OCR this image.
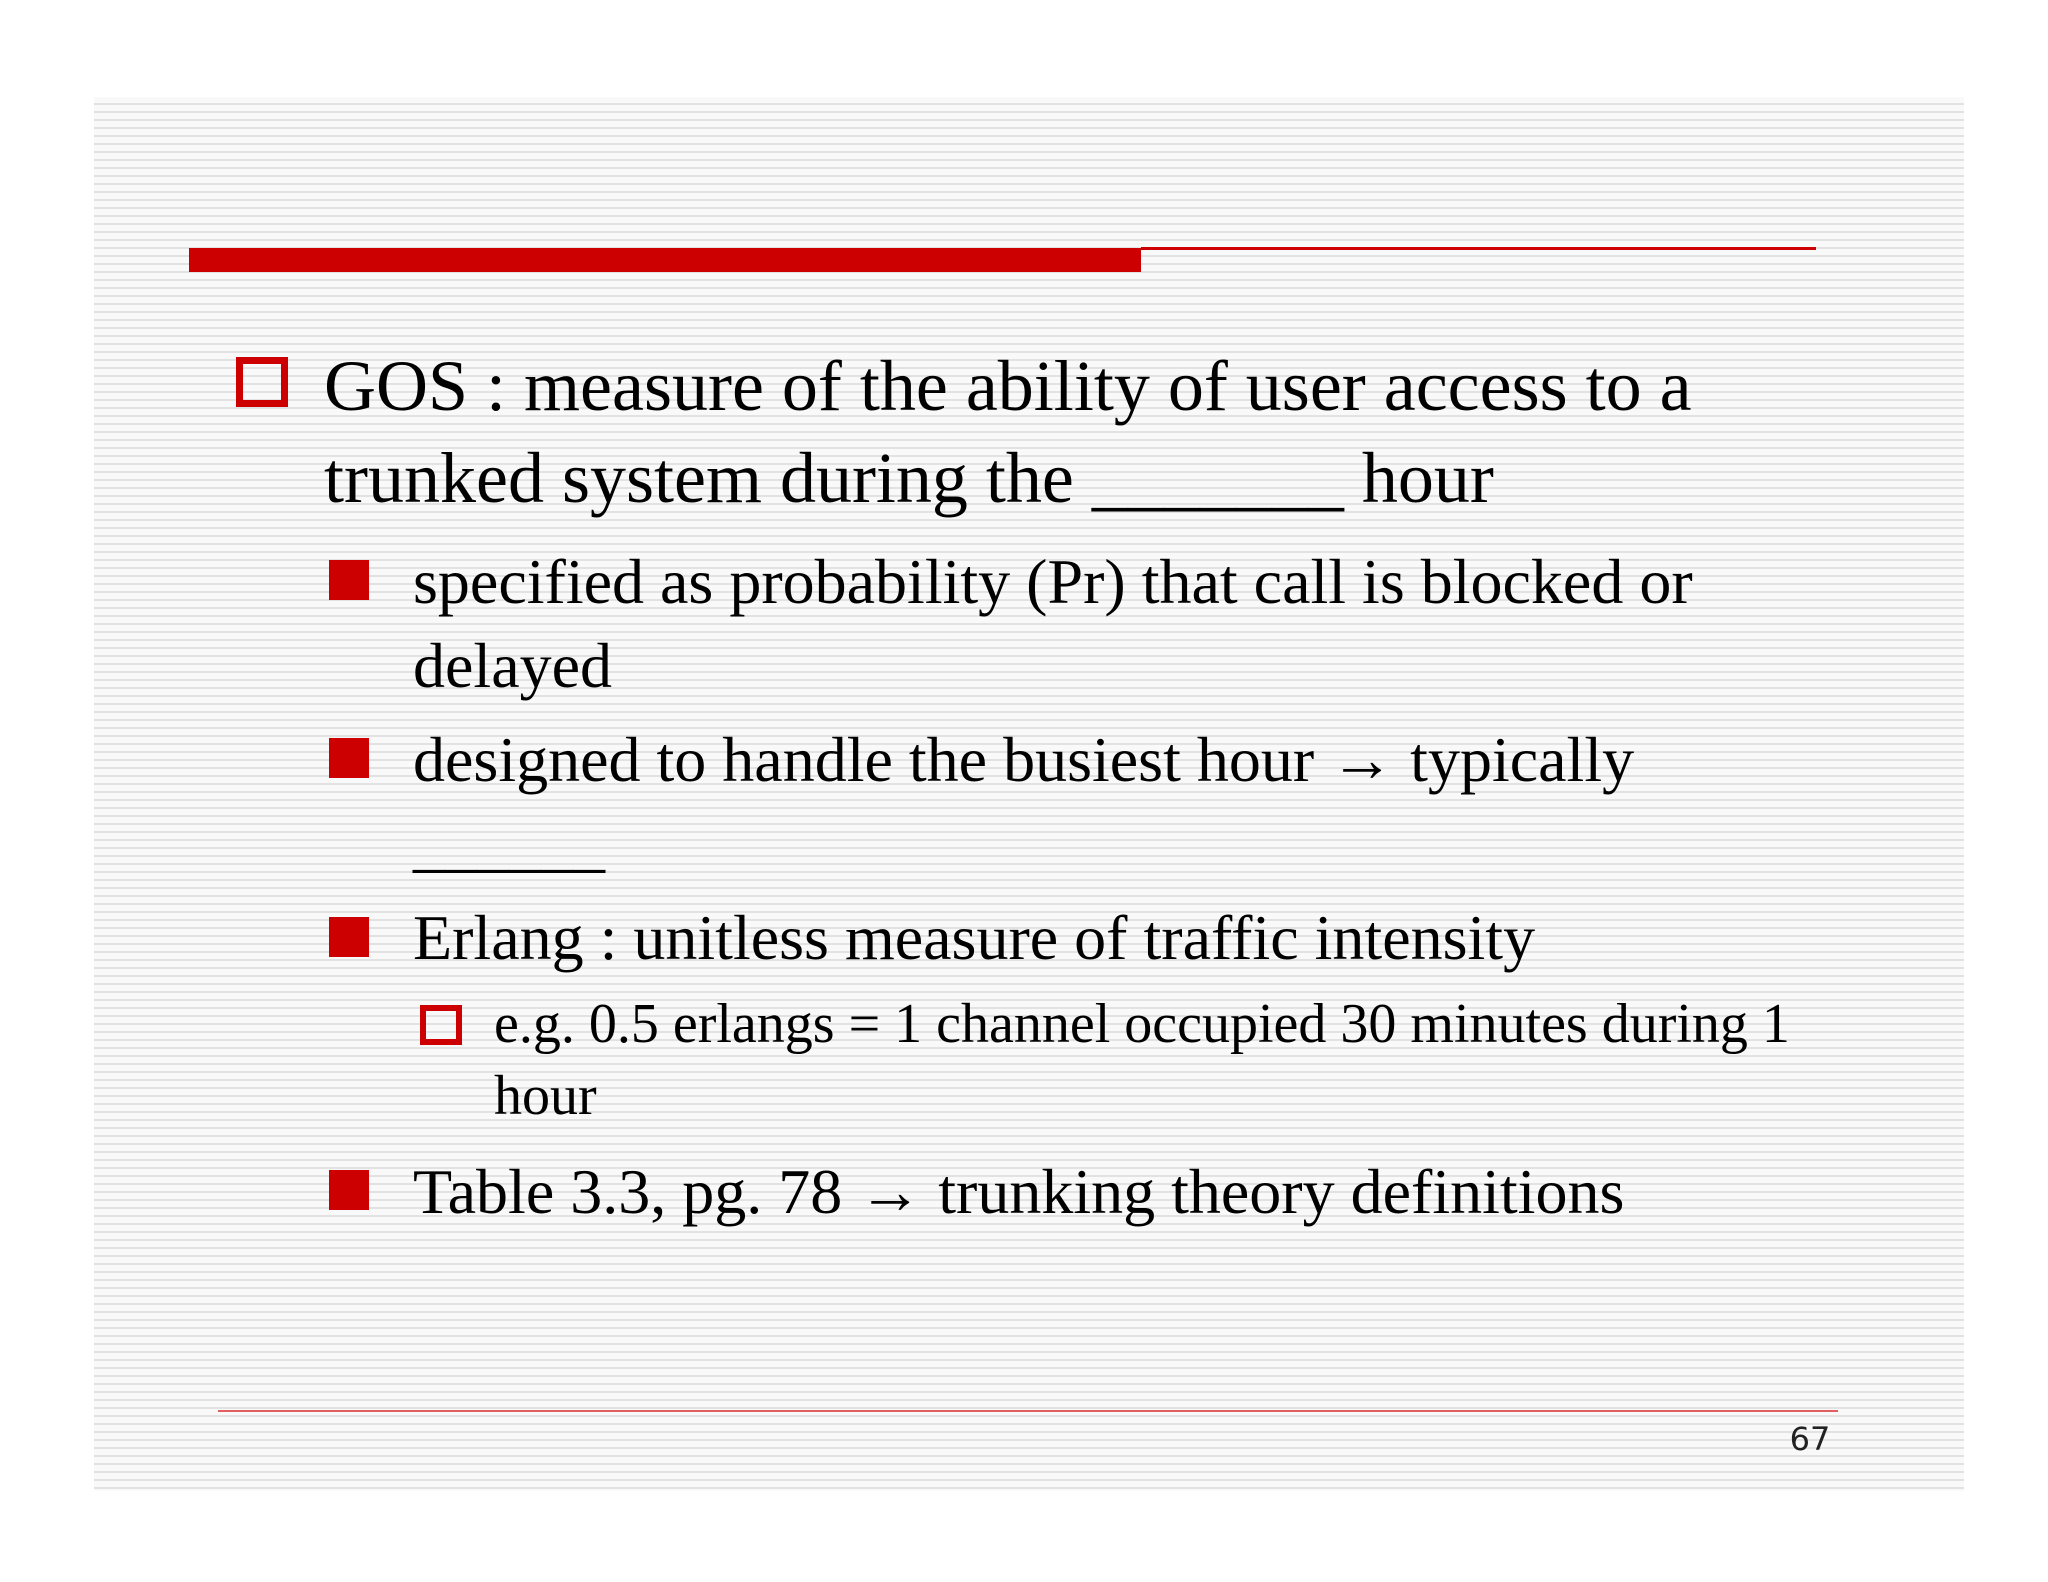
GOS : measure of the ability of user access to a trunked system during the _______ hour
specified as probability (Pr) that call is blocked or delayed
designed to handle the busiest hour → typically ______
Erlang : unitless measure of traffic intensity
e.g. 0.5 erlangs = 1 channel occupied 30 minutes during 1 hour
Table 3.3, pg. 78 → trunking theory definitions
67
